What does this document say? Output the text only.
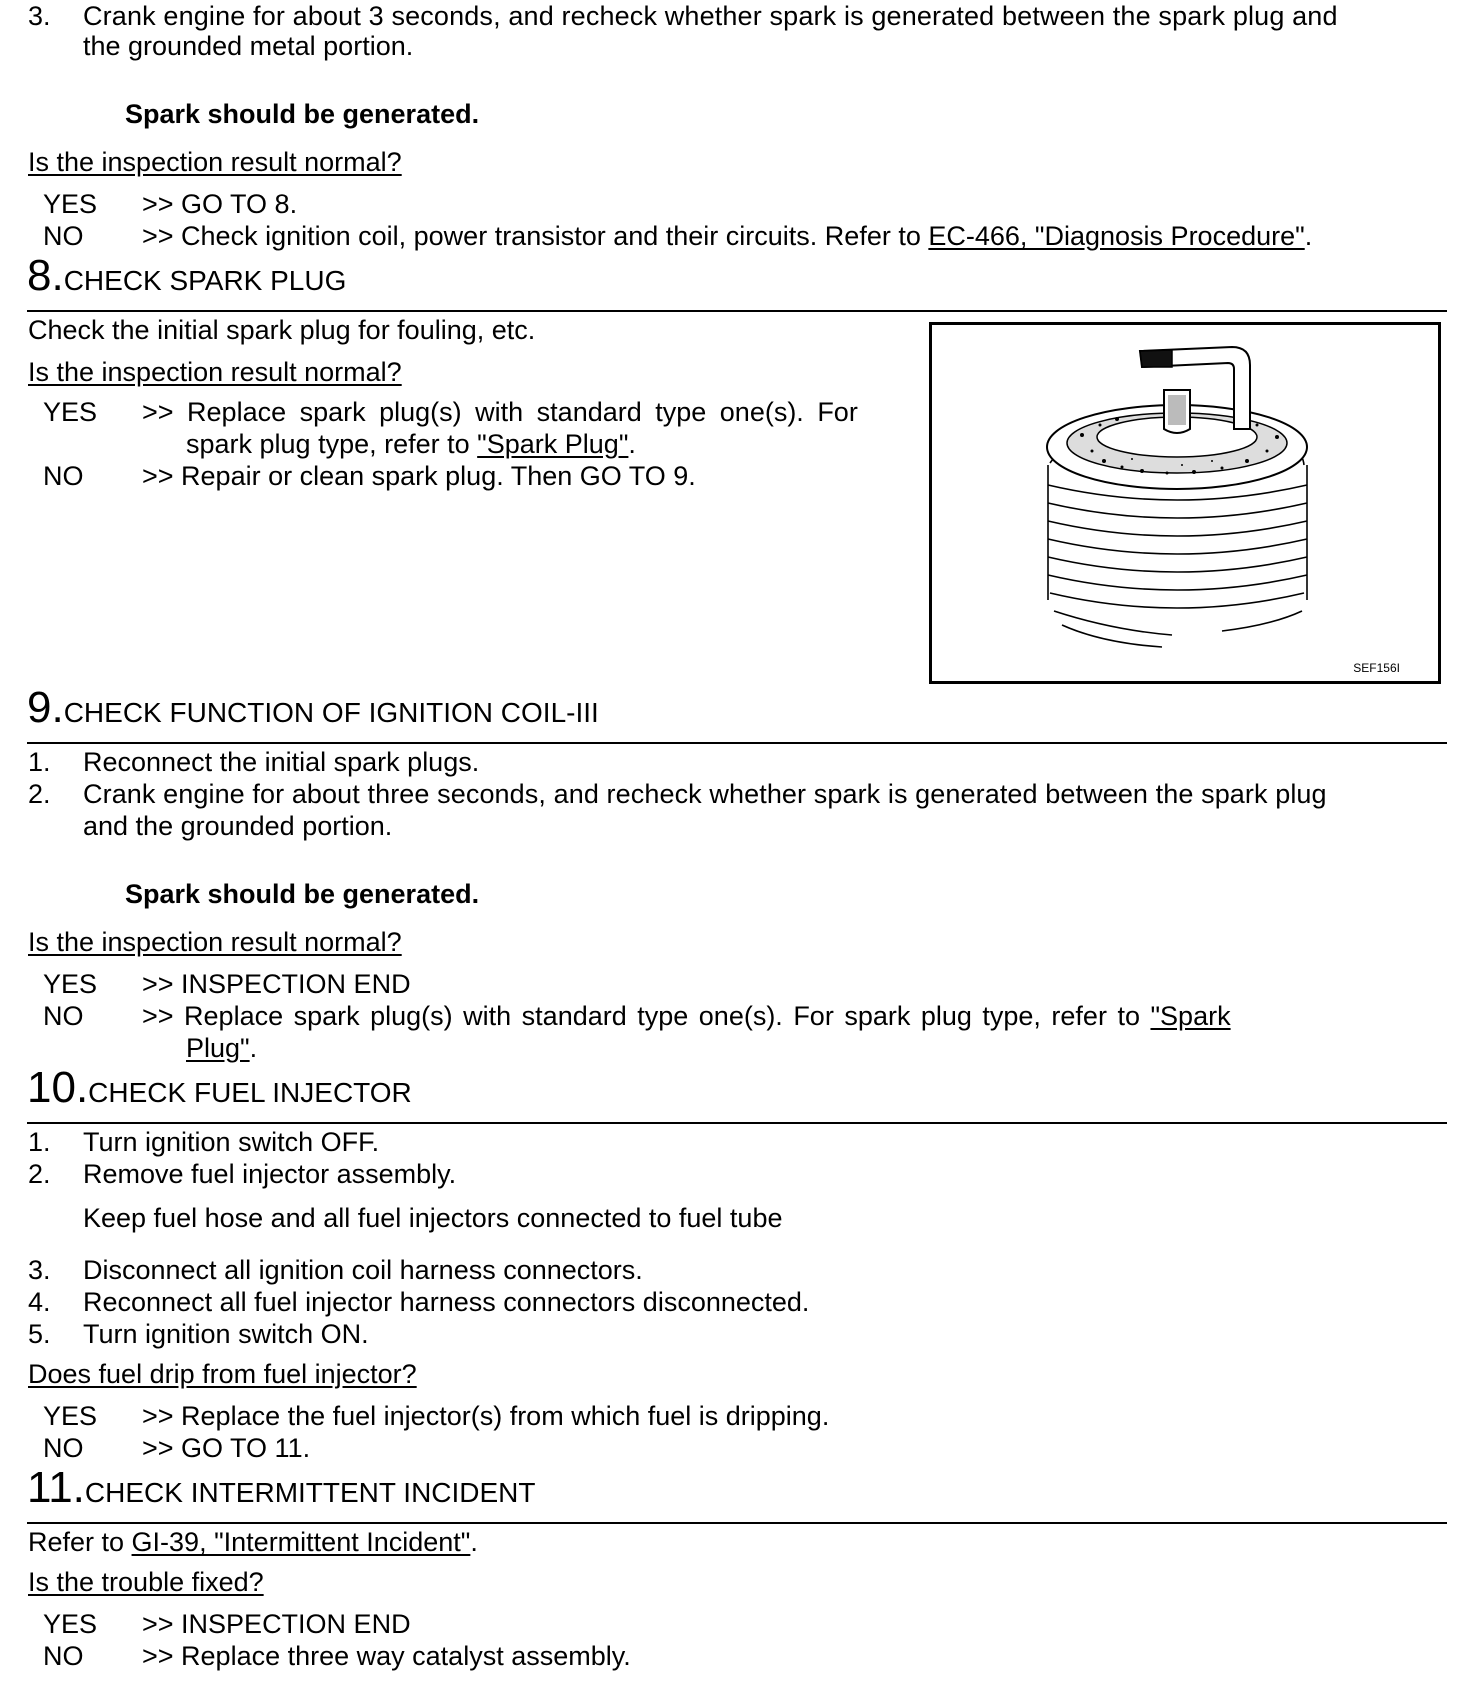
3. Crank engine for about 3 seconds, and recheck whether spark is generated between the spark plug and
the grounded metal portion.
Spark should be generated.
Is the inspection result normal?
YES >> GO TO 8.
NO >> Check ignition coil, power transistor and their circuits. Refer to EC-466, "Diagnosis Procedure".
8.CHECK SPARK PLUG
Check the initial spark plug for fouling, etc.
Is the inspection result normal?
YES >> Replace spark plug(s) with standard type one(s). For
spark plug type, refer to "Spark Plug".
NO >> Repair or clean spark plug. Then GO TO 9.
SEF156I
9.CHECK FUNCTION OF IGNITION COIL-III
1. Reconnect the initial spark plugs.
2. Crank engine for about three seconds, and recheck whether spark is generated between the spark plug
and the grounded portion.
Spark should be generated.
Is the inspection result normal?
YES >> INSPECTION END
NO >> Replace spark plug(s) with standard type one(s). For spark plug type, refer to "Spark
Plug".
10.CHECK FUEL INJECTOR
1. Turn ignition switch OFF.
2. Remove fuel injector assembly.
Keep fuel hose and all fuel injectors connected to fuel tube
3. Disconnect all ignition coil harness connectors.
4. Reconnect all fuel injector harness connectors disconnected.
5. Turn ignition switch ON.
Does fuel drip from fuel injector?
YES >> Replace the fuel injector(s) from which fuel is dripping.
NO >> GO TO 11.
11.CHECK INTERMITTENT INCIDENT
Refer to GI-39, "Intermittent Incident".
Is the trouble fixed?
YES >> INSPECTION END
NO >> Replace three way catalyst assembly.
